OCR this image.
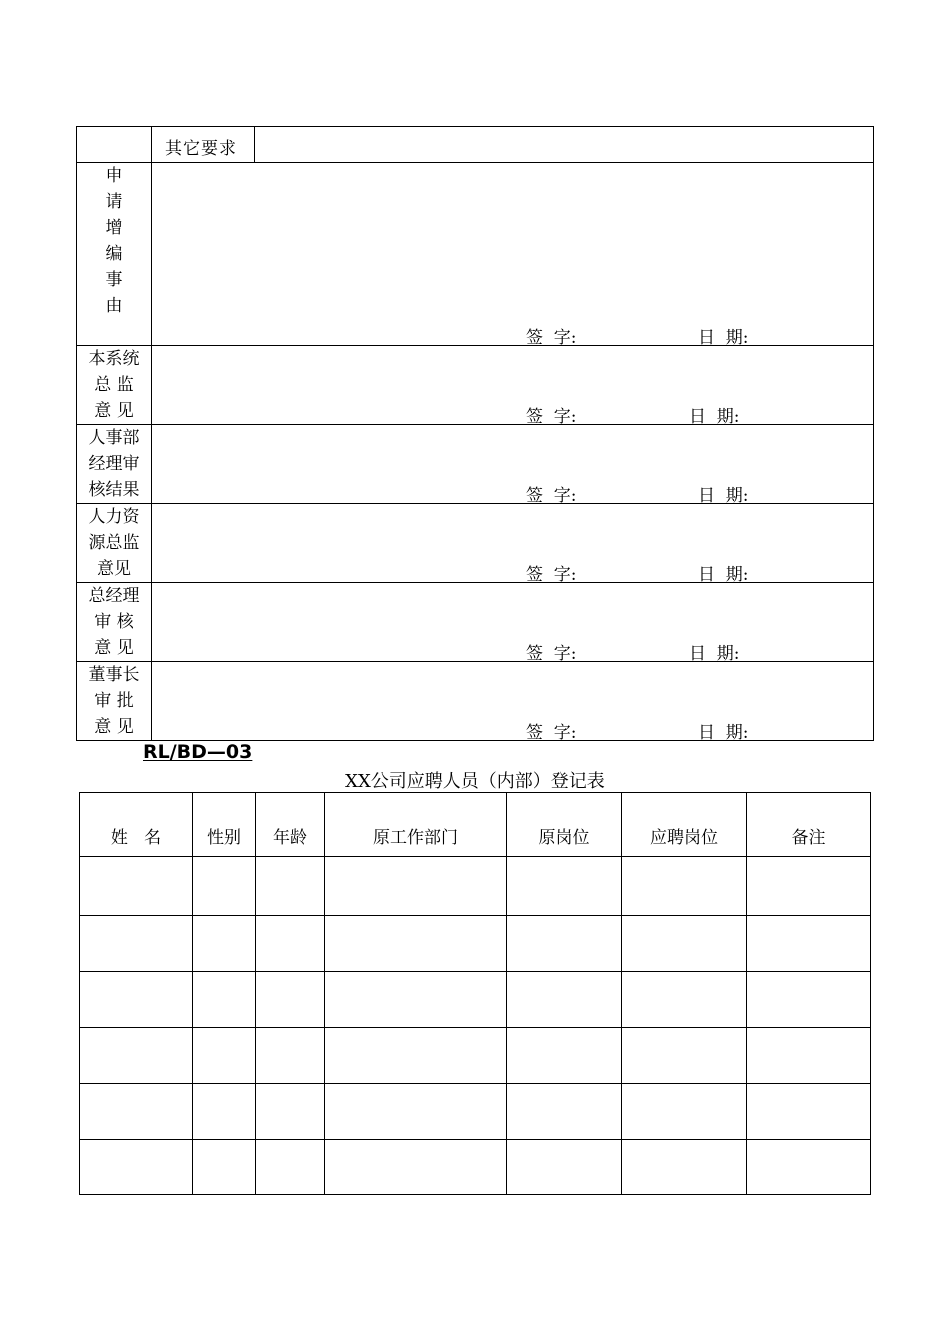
其它要求
申
请
增
编
事
由
签  字:	日  期:
本系统
总 监
意 见	签  字:	日  期:
人事部
经理审
核结果	签  字:	日  期:
人力资
源总监
意见	签  字:	日  期:
总经理
审 核
意 见	签  字:	日  期:
董事长
审 批
意 见	签  字:	日  期:
RL/BD—03
XX公司应聘人员（内部）登记表
姓   名	性别	年龄	原工作部门	原岗位	应聘岗位	备注
